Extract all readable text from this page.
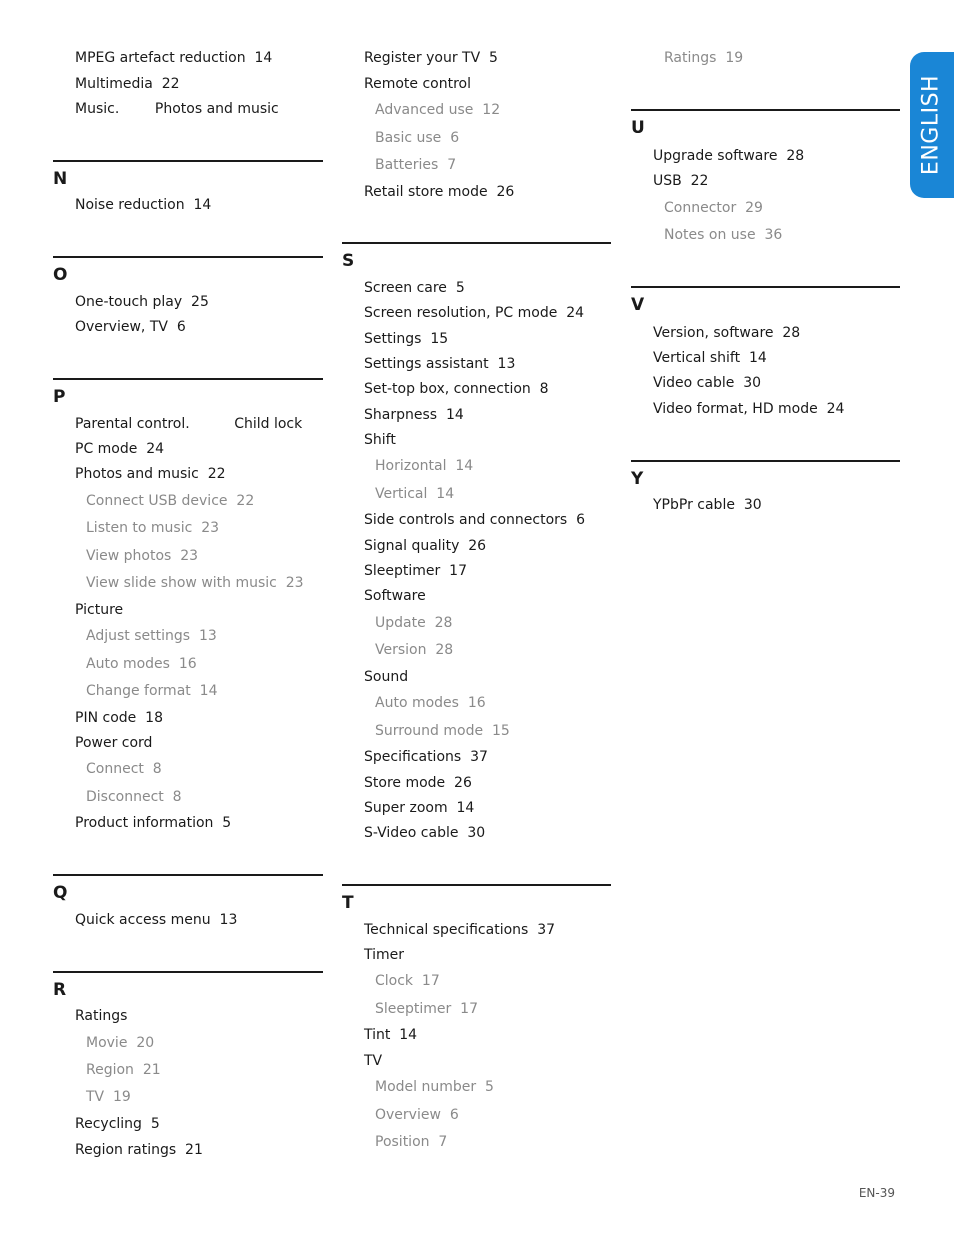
MPEG artefact reduction  14
Multimedia  22
Music.        Photos and music
N
Noise reduction  14
O
One-touch play  25
Overview, TV  6
P
Parental control.          Child lock
PC mode  24
Photos and music  22
Connect USB device  22
Listen to music  23
View photos  23
View slide show with music  23
Picture
Adjust settings  13
Auto modes  16
Change format  14
PIN code  18
Power cord
Connect  8
Disconnect  8
Product information  5
Q
Quick access menu  13
R
Ratings
Movie  20
Region  21
TV  19
Recycling  5
Region ratings  21
Register your TV  5
Remote control
Advanced use  12
Basic use  6
Batteries  7
Retail store mode  26
S
Screen care  5
Screen resolution, PC mode  24
Settings  15
Settings assistant  13
Set-top box, connection  8
Sharpness  14
Shift
Horizontal  14
Vertical  14
Side controls and connectors  6
Signal quality  26
Sleeptimer  17
Software
Update  28
Version  28
Sound
Auto modes  16
Surround mode  15
Specifications  37
Store mode  26
Super zoom  14
S-Video cable  30
T
Technical specifications  37
Timer
Clock  17
Sleeptimer  17
Tint  14
TV
Model number  5
Overview  6
Position  7
Ratings  19
U
Upgrade software  28
USB  22
Connector  29
Notes on use  36
V
Version, software  28
Vertical shift  14
Video cable  30
Video format, HD mode  24
Y
YPbPr cable  30
ENGLISH
EN-39
